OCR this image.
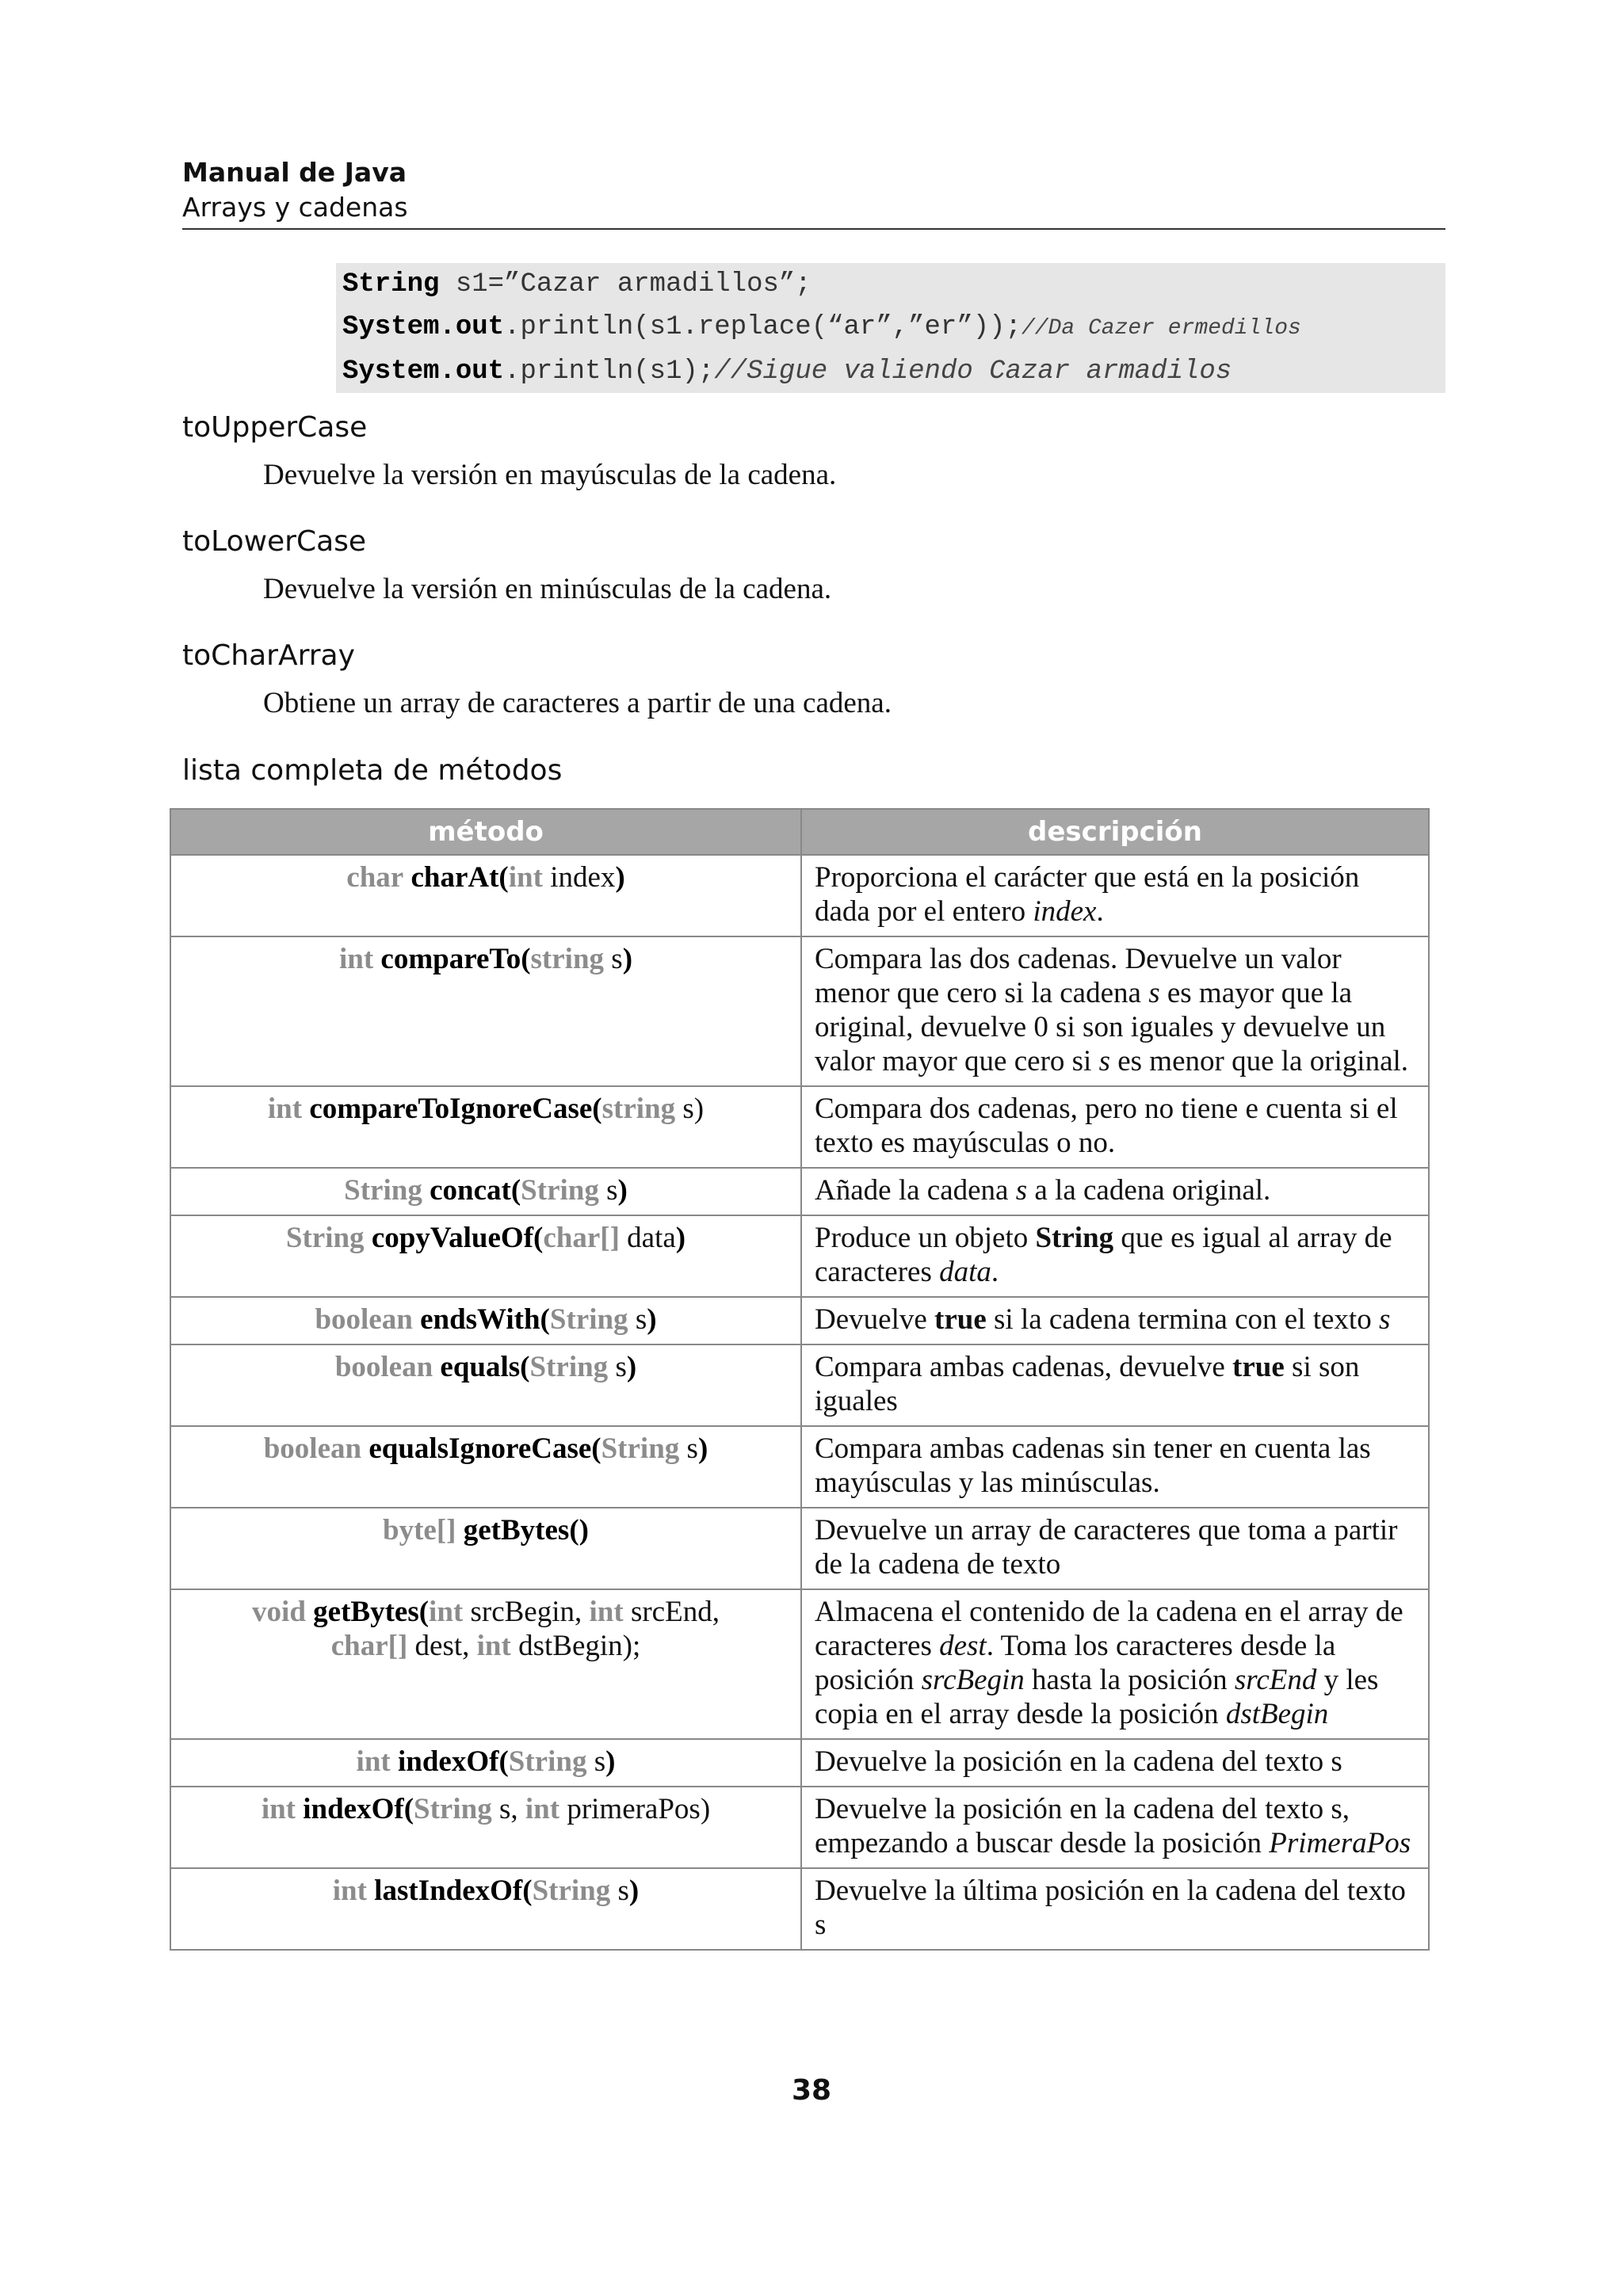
Manual de Java
Arrays y cadenas
String s1=”Cazar armadillos”;
System.out.println(s1.replace(“ar”,”er”));//Da Cazer ermedillos
System.out.println(s1);//Sigue valiendo Cazar armadilos
toUpperCase
Devuelve la versión en mayúsculas de la cadena.
toLowerCase
Devuelve la versión en minúsculas de la cadena.
toCharArray
Obtiene un array de caracteres a partir de una cadena.
lista completa de métodos
método	descripción
char charAt(int index)	Proporciona el carácter que está en la posición dada por el entero index.
int compareTo(string s)	Compara las dos cadenas. Devuelve un valor menor que cero si la cadena s es mayor que la original, devuelve 0 si son iguales y devuelve un valor mayor que cero si s es menor que la original.
int compareToIgnoreCase(string s)	Compara dos cadenas, pero no tiene e cuenta si el texto es mayúsculas o no.
String concat(String s)	Añade la cadena s a la cadena original.
String copyValueOf(char[] data)	Produce un objeto String que es igual al array de caracteres data.
boolean endsWith(String s)	Devuelve true si la cadena termina con el texto s
boolean equals(String s)	Compara ambas cadenas, devuelve true si son iguales
boolean equalsIgnoreCase(String s)	Compara ambas cadenas sin tener en cuenta las mayúsculas y las minúsculas.
byte[] getBytes()	Devuelve un array de caracteres que toma a partir de la cadena de texto
void getBytes(int srcBegin, int srcEnd,
char[] dest, int dstBegin);	Almacena el contenido de la cadena en el array de caracteres dest. Toma los caracteres desde la posición srcBegin hasta la posición srcEnd y les copia en el array desde la posición dstBegin
int indexOf(String s)	Devuelve la posición en la cadena del texto s
int indexOf(String s, int primeraPos)	Devuelve la posición en la cadena del texto s, empezando a buscar desde la posición PrimeraPos
int lastIndexOf(String s)	Devuelve la última posición en la cadena del texto s
38
